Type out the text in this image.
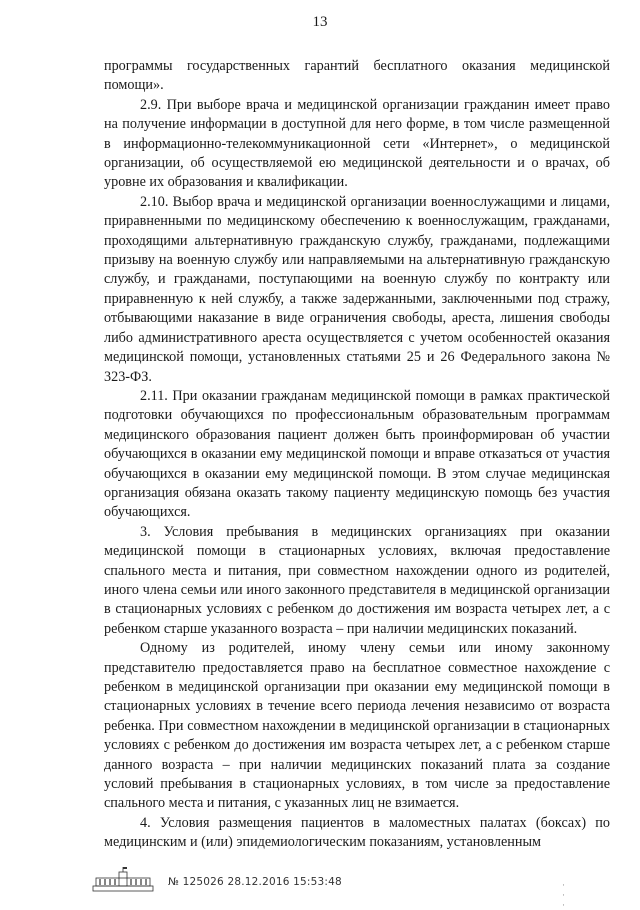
13

программы государственных гарантий бесплатного оказания медицинской помощи».

2.9. При выборе врача и медицинской организации гражданин имеет право на получение информации в доступной для него форме, в том числе размещенной в информационно-телекоммуникационной сети «Интернет», о медицинской организации, об осуществляемой ею медицинской деятельности и о врачах, об уровне их образования и квалификации.

2.10. Выбор врача и медицинской организации военнослужащими и лицами, приравненными по медицинскому обеспечению к военнослужащим, гражданами, проходящими альтернативную гражданскую службу, гражданами, подлежащими призыву на военную службу или направляемыми на альтернативную гражданскую службу, и гражданами, поступающими на военную службу по контракту или приравненную к ней службу, а также задержанными, заключенными под стражу, отбывающими наказание в виде ограничения свободы, ареста, лишения свободы либо административного ареста осуществляется с учетом особенностей оказания медицинской помощи, установленных статьями 25 и 26 Федерального закона № 323-ФЗ.

2.11. При оказании гражданам медицинской помощи в рамках практической подготовки обучающихся по профессиональным образовательным программам медицинского образования пациент должен быть проинформирован об участии обучающихся в оказании ему медицинской помощи и вправе отказаться от участия обучающихся в оказании ему медицинской помощи. В этом случае медицинская организация обязана оказать такому пациенту медицинскую помощь без участия обучающихся.

3. Условия пребывания в медицинских организациях при оказании медицинской помощи в стационарных условиях, включая предоставление спального места и питания, при совместном нахождении одного из родителей, иного члена семьи или иного законного представителя в медицинской организации в стационарных условиях с ребенком до достижения им возраста четырех лет, а с ребенком старше указанного возраста – при наличии медицинских показаний.

Одному из родителей, иному члену семьи или иному законному представителю предоставляется право на бесплатное совместное нахождение с ребенком в медицинской организации при оказании ему медицинской помощи в стационарных условиях в течение всего периода лечения независимо от возраста ребенка. При совместном нахождении в медицинской организации в стационарных условиях с ребенком до достижения им возраста четырех лет, а с ребенком старше данного возраста – при наличии медицинских показаний плата за создание условий пребывания в стационарных условиях, в том числе за предоставление спального места и питания, с указанных лиц не взимается.

4. Условия размещения пациентов в маломестных палатах (боксах) по медицинским и (или) эпидемиологическим показаниям, установленным

№ 125026 28.12.2016 15:53:48	· · ·
